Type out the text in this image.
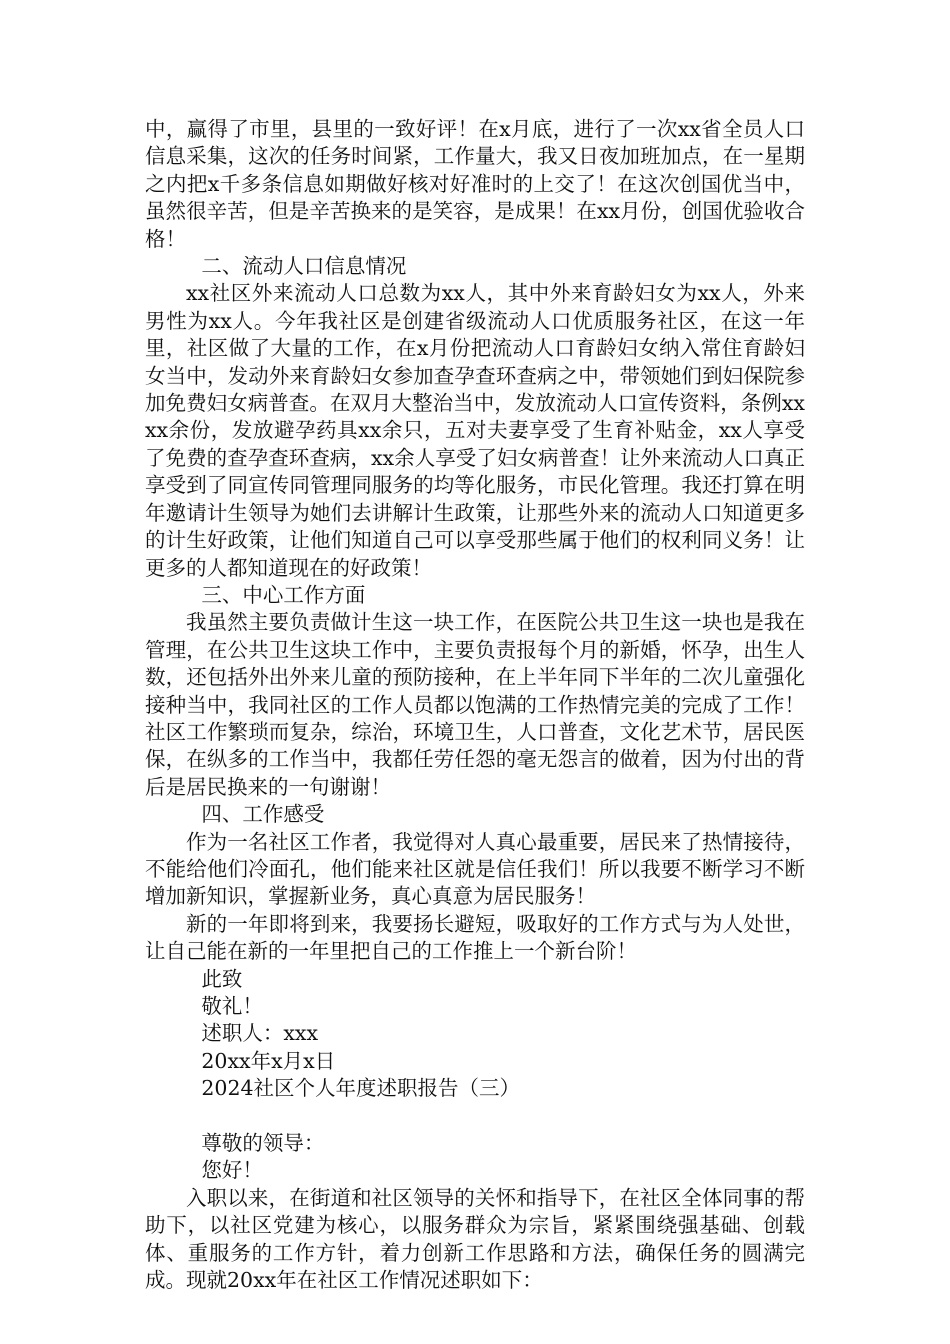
中，赢得了市里，县里的一致好评！在x月底，进行了一次xx省全员人口信息采集，这次的任务时间紧，工作量大，我又日夜加班加点，在一星期之内把x千多条信息如期做好核对好准时的上交了！在这次创国优当中，虽然很辛苦，但是辛苦换来的是笑容，是成果！在xx月份，创国优验收合格！

二、流动人口信息情况

xx社区外来流动人口总数为xx人，其中外来育龄妇女为xx人，外来男性为xx人。今年我社区是创建省级流动人口优质服务社区，在这一年里，社区做了大量的工作，在x月份把流动人口育龄妇女纳入常住育龄妇女当中，发动外来育龄妇女参加查孕查环查病之中，带领她们到妇保院参加免费妇女病普查。在双月大整治当中，发放流动人口宣传资料，条例xxxx余份，发放避孕药具xx余只，五对夫妻享受了生育补贴金，xx人享受了免费的查孕查环查病，xx余人享受了妇女病普查！让外来流动人口真正享受到了同宣传同管理同服务的均等化服务，市民化管理。我还打算在明年邀请计生领导为她们去讲解计生政策，让那些外来的流动人口知道更多的计生好政策，让他们知道自己可以享受那些属于他们的权利同义务！让更多的人都知道现在的好政策！

三、中心工作方面

我虽然主要负责做计生这一块工作，在医院公共卫生这一块也是我在管理，在公共卫生这块工作中，主要负责报每个月的新婚，怀孕，出生人数，还包括外出外来儿童的预防接种，在上半年同下半年的二次儿童强化接种当中，我同社区的工作人员都以饱满的工作热情完美的完成了工作！社区工作繁琐而复杂，综治，环境卫生，人口普查，文化艺术节，居民医保，在纵多的工作当中，我都任劳任怨的毫无怨言的做着，因为付出的背后是居民换来的一句谢谢！

四、工作感受

作为一名社区工作者，我觉得对人真心最重要，居民来了热情接待，不能给他们冷面孔，他们能来社区就是信任我们！所以我要不断学习不断增加新知识，掌握新业务，真心真意为居民服务！

新的一年即将到来，我要扬长避短，吸取好的工作方式与为人处世，让自己能在新的一年里把自己的工作推上一个新台阶！

此致

敬礼！

述职人：xxx

20xx年x月x日

2024社区个人年度述职报告（三）

尊敬的领导：

您好！

入职以来，在街道和社区领导的关怀和指导下，在社区全体同事的帮助下，以社区党建为核心，以服务群众为宗旨，紧紧围绕强基础、创载体、重服务的工作方针，着力创新工作思路和方法，确保任务的圆满完成。现就20xx年在社区工作情况述职如下：
